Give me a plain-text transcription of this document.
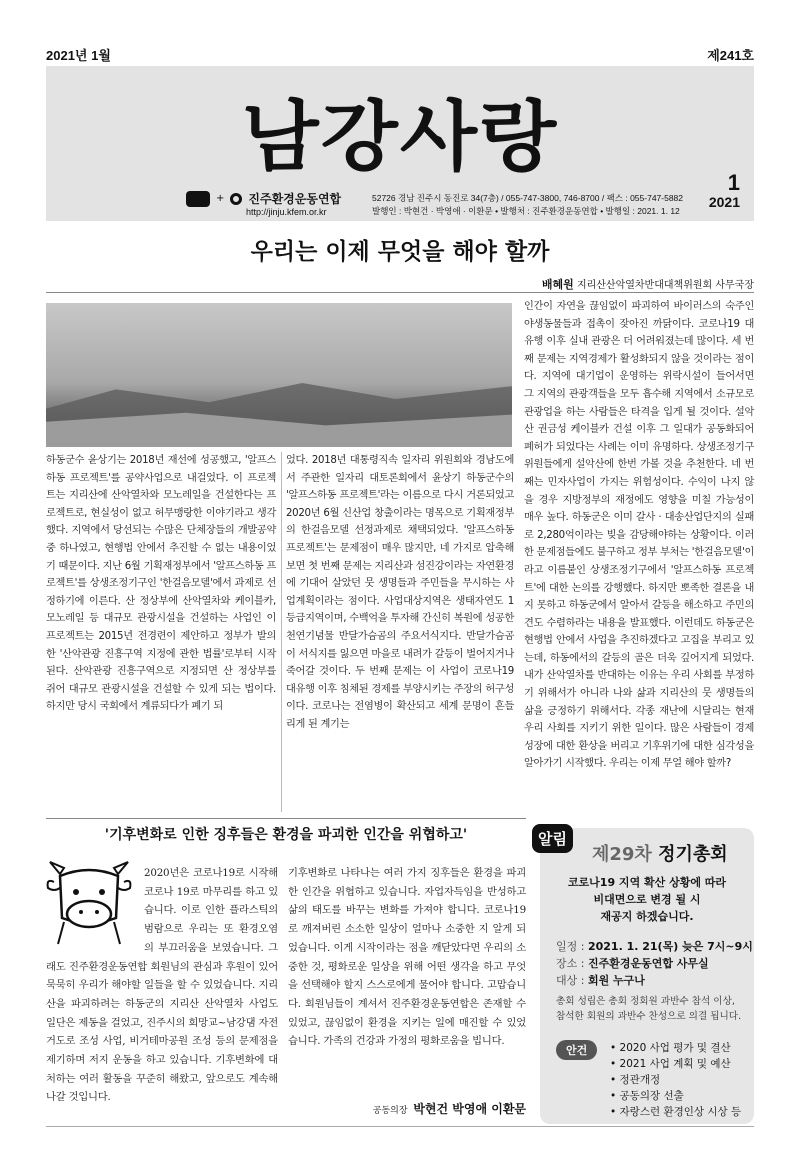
2021년 1월	제241호
남강사랑
+ 진주환경운동연합
http://jinju.kfem.or.kr
52726 경남 진주시 동진로 34(7층) / 055-747-3800, 746-8700 / 팩스 : 055-747-5882
발행인 : 박현건 · 박영애 · 이환문 • 발행처 : 진주환경운동연합 • 발행일 : 2021. 1. 12
1
2021
우리는 이제 무엇을 해야 할까
배혜원 지리산산악열차반대대책위원회 사무국장

하동군수 윤상기는 2018년 재선에 성공했고, '알프스하동 프로젝트'를 공약사업으로 내걸었다. 이 프로젝트는 지리산에 산악열차와 모노레일을 건설한다는 프로젝트로, 현실성이 없고 허무맹랑한 이야기라고 생각했다. 지역에서 당선되는 수많은 단체장들의 개발공약 중 하나였고, 현행법 안에서 추진할 수 없는 내용이었기 때문이다. 지난 6월 기획재정부에서 '알프스하동 프로젝트'를 상생조정기구인 '한걸음모델'에서 과제로 선정하기에 이른다. 산 정상부에 산악열차와 케이블카, 모노레일 등 대규모 관광시설을 건설하는 사업인 이 프로젝트는 2015년 전경련이 제안하고 정부가 발의한 '산악관광 진흥구역 지정에 관한 법률'로부터 시작된다. 산악관광 진흥구역으로 지정되면 산 정상부를 쥐어 대규모 관광시설을 건설할 수 있게 되는 법이다. 하지만 당시 국회에서 계류되다가 폐기 되

었다. 2018년 대통령직속 일자리 위원회와 경남도에서 주관한 일자리 대토론회에서 윤상기 하동군수의 '알프스하동 프로젝트'라는 이름으로 다시 거론되었고 2020년 6월 신산업 창출이라는 명목으로 기획재정부의 한걸음모델 선정과제로 채택되었다. '알프스하동 프로젝트'는 문제점이 매우 많지만, 네 가지로 압축해보면 첫 번째 문제는 지리산과 섬진강이라는 자연환경에 기대어 살았던 뭇 생명들과 주민들을 무시하는 사업계획이라는 점이다. 사업대상지역은 생태자연도 1등급지역이며, 수백억을 투자해 간신히 복원에 성공한 천연기념물 반달가슴곰의 주요서식지다. 반달가슴곰이 서식지를 잃으면 마을로 내려가 갈등이 벌어지거나 죽어갈 것이다. 두 번째 문제는 이 사업이 코로나19 대유행 이후 침체된 경제를 부양시키는 주장의 허구성이다. 코로나는 전염병이 확산되고 세계 문명이 흔들리게 된 계기는

인간이 자연을 끊임없이 파괴하여 바이러스의 숙주인 야생동물들과 접촉이 잦아진 까닭이다. 코로나19 대유행 이후 실내 관광은 더 어려워졌는데 많이다. 세 번째 문제는 지역경제가 활성화되지 않을 것이라는 점이다. 지역에 대기업이 운영하는 위락시설이 들어서면 그 지역의 관광객들을 모두 흡수해 지역에서 소규모로 관광업을 하는 사람들은 타격을 입게 될 것이다. 설악산 권금성 케이블카 건설 이후 그 일대가 공동화되어 폐허가 되었다는 사례는 이미 유명하다. 상생조정기구 위원들에게 설악산에 한번 가볼 것을 추천한다. 네 번째는 민자사업이 가지는 위험성이다. 수익이 나지 않을 경우 지방정부의 재정에도 영향을 미칠 가능성이 매우 높다. 하동군은 이미 갈사 · 대송산업단지의 실패로 2,280억이라는 빚을 감당해야하는 상황이다. 이러한 문제점들에도 불구하고 정부 부처는 '한걸음모델'이라고 이름붙인 상생조정기구에서 '알프스하동 프로젝트'에 대한 논의를 강행했다. 하지만 뽀족한 결론을 내지 못하고 하동군에서 알아서 갈등을 해소하고 주민의견도 수렴하라는 내용을 발표했다. 이런데도 하동군은 현행법 안에서 사업을 추진하겠다고 고집을 부리고 있는데, 하동에서의 갈등의 골은 더욱 깊어지게 되었다. 내가 산악열차를 반대하는 이유는 우리 사회를 부정하기 위해서가 아니라 나와 삶과 지리산의 뭇 생명들의 삶을 긍정하기 위해서다. 각종 재난에 시달리는 현재 우리 사회를 지키기 위한 일이다. 많은 사람들이 경제성장에 대한 환상을 버리고 기후위기에 대한 심각성을 알아가기 시작했다. 우리는 이제 무얼 해야 할까?

'기후변화로 인한 징후들은 환경을 파괴한 인간을 위협하고'
2020년은 코로나19로 시작해 코로나 19로 마무리를 하고 있습니다. 이로 인한 플라스틱의 범람으로 우리는 또 환경오염의 부끄러움을 보였습니다. 그래도 진주환경운동연합 회원님의 관심과 후원이 있어 묵묵히 우리가 해야할 일들을 할 수 있었습니다. 지리산을 파괴하려는 하동군의 지리산 산악열차 사업도 일단은 제동을 걸었고, 진주시의 희망교~남강댐 자전거도로 조성 사업, 비거테마공원 조성 등의 문제점을 제기하며 저지 운동을 하고 있습니다. 기후변화에 대처하는 여러 활동을 꾸준히 해왔고, 앞으로도 계속해 나갈 것입니다.
기후변화로 나타나는 여러 가지 징후들은 환경을 파괴한 인간을 위협하고 있습니다. 자업자득임을 반성하고 삶의 태도를 바꾸는 변화를 가져야 합니다. 코로나19로 깨져버린 소소한 일상이 얼마나 소중한 지 알게 되었습니다. 이게 시작이라는 점을 깨닫았다면 우리의 소중한 것, 평화로운 일상을 위해 어떤 생각을 하고 무엇을 선택해야 할지 스스로에게 물어야 합니다. 고맙습니다. 회원님들이 계셔서 진주환경운동연합은 존재할 수 있었고, 끊임없이 환경을 지키는 일에 매진할 수 있었습니다. 가족의 건강과 가정의 평화로움을 빕니다.
공동의장 박현건 박영애 이환문
알림
제29차 정기총회
코로나19 지역 확산 상황에 따라
비대면으로 변경 될 시
재공지 하겠습니다.
일정 : 2021. 1. 21(목) 늦은 7시~9시
장소 : 진주환경운동연합 사무실
대상 : 회원 누구나
총회 성립은 총회 정회원 과반수 참석 이상, 참석한 회원의 과반수 찬성으로 의결 됩니다.
안건
•	2020 사업 평가 및 결산
• 2021 사업 계획 및 예산
• 정관개정
• 공동의장 선출
• 자랑스런 환경인상 시상 등
